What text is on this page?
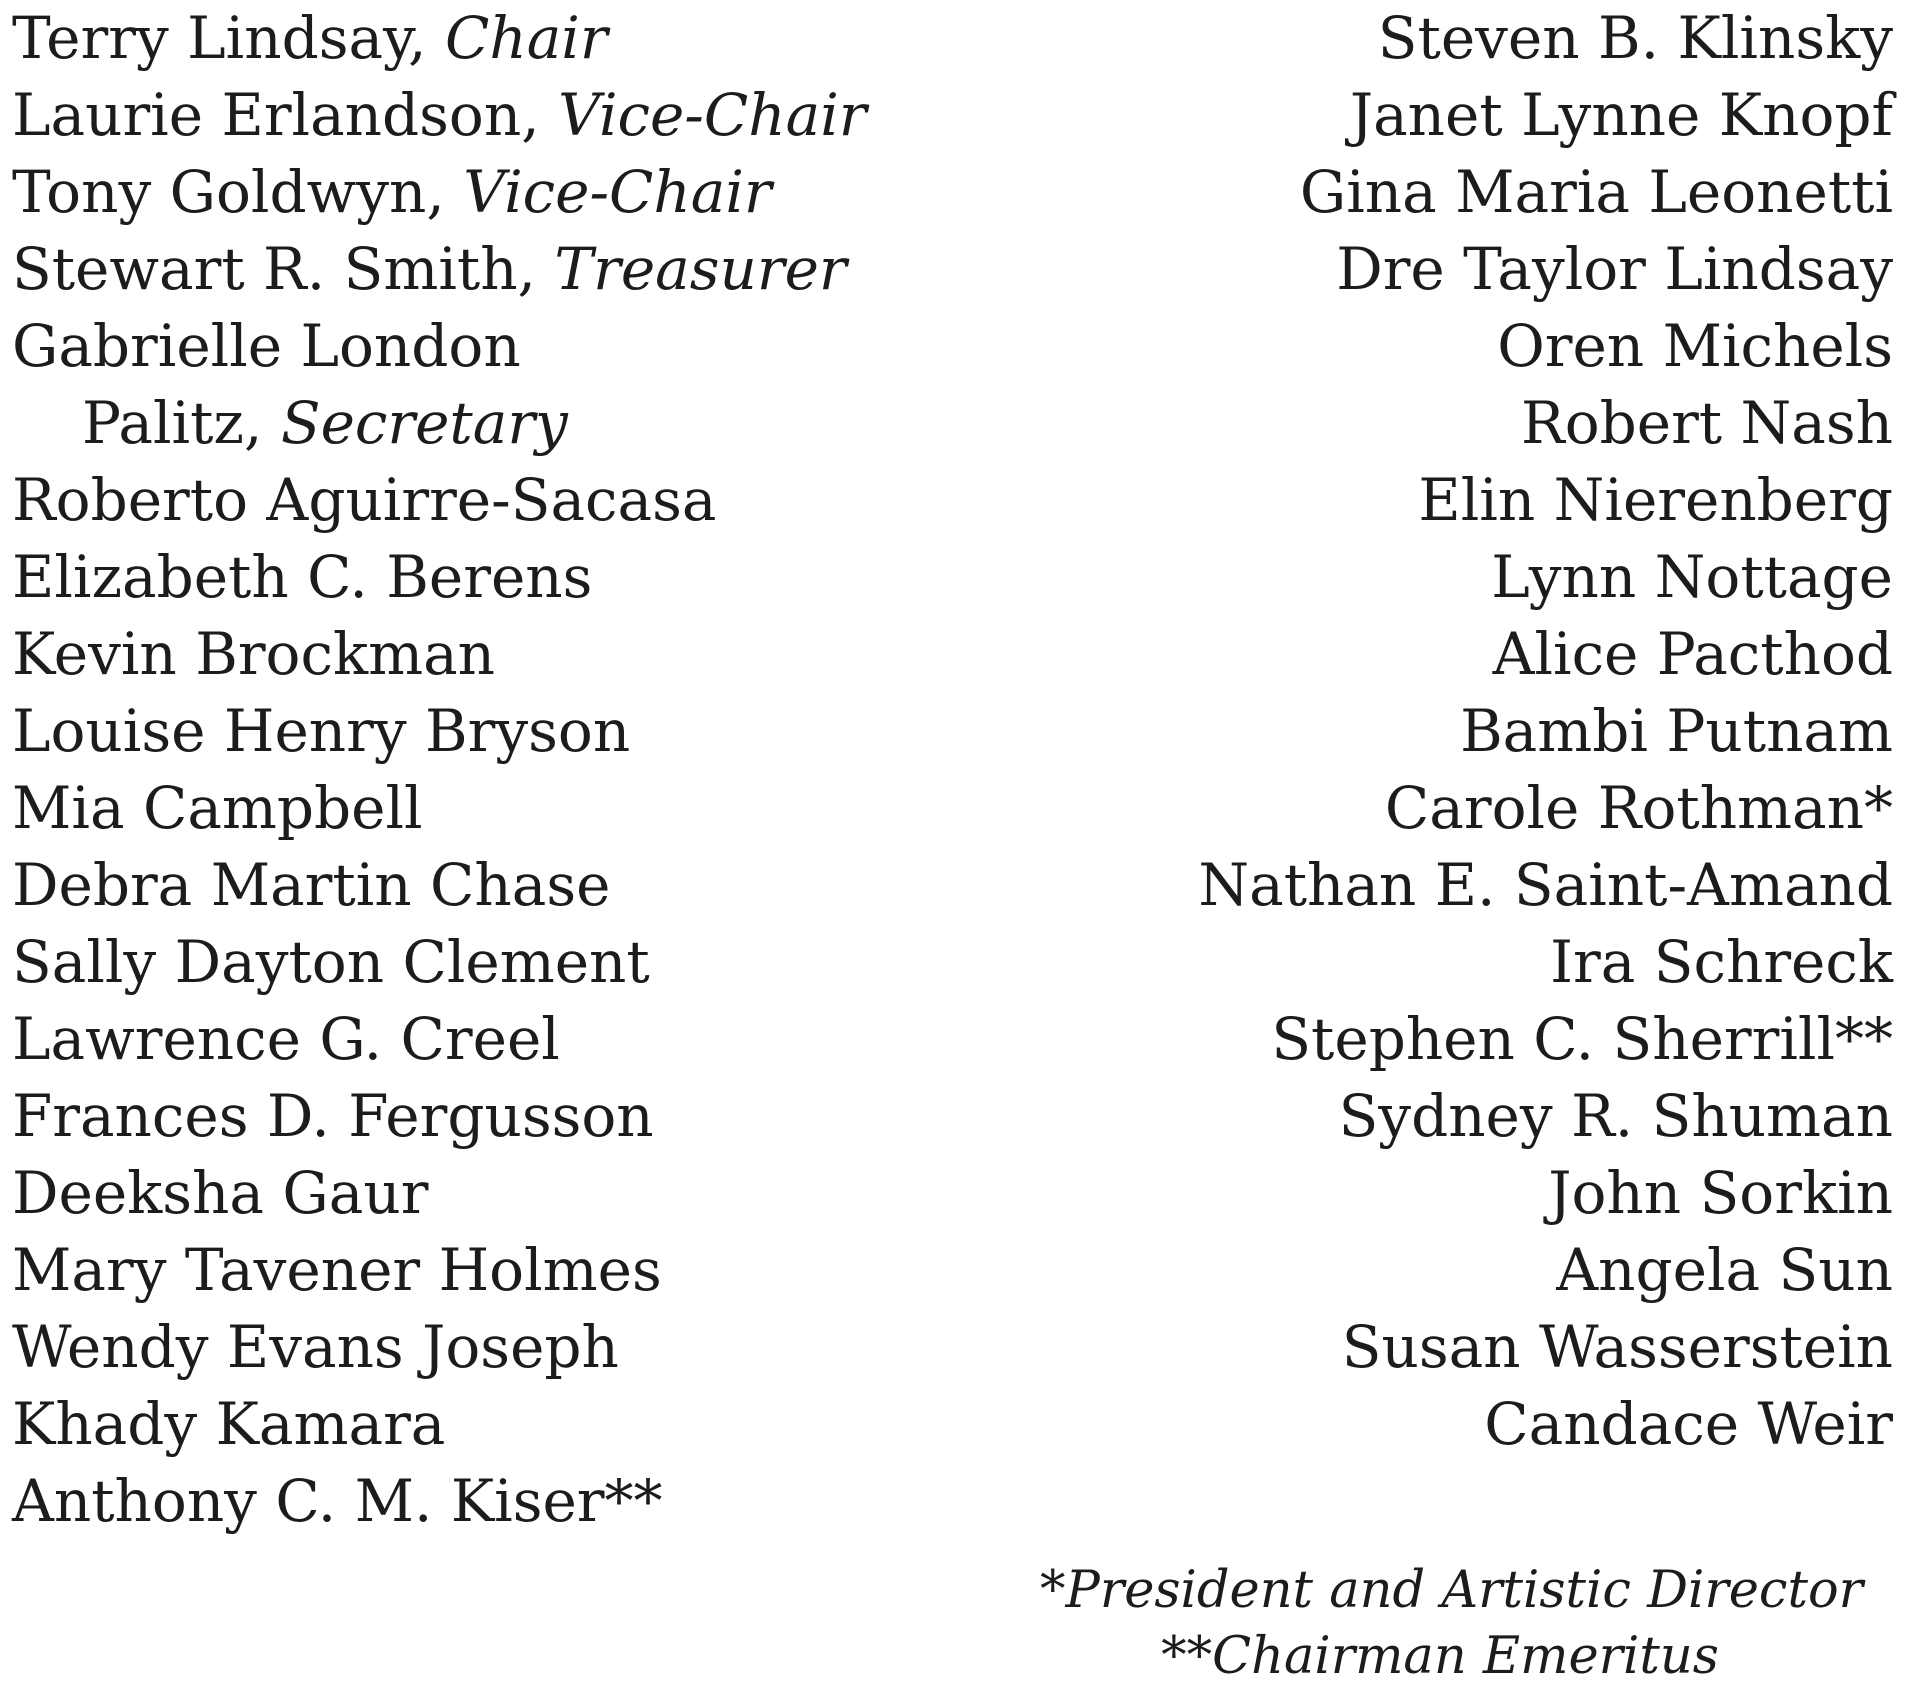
Terry Lindsay, Chair
Laurie Erlandson, Vice-Chair
Tony Goldwyn, Vice-Chair
Stewart R. Smith, Treasurer
Gabrielle London
Palitz, Secretary
Roberto Aguirre-Sacasa
Elizabeth C. Berens
Kevin Brockman
Louise Henry Bryson
Mia Campbell
Debra Martin Chase
Sally Dayton Clement
Lawrence G. Creel
Frances D. Fergusson
Deeksha Gaur
Mary Tavener Holmes
Wendy Evans Joseph
Khady Kamara
Anthony C. M. Kiser**
Steven B. Klinsky
Janet Lynne Knopf
Gina Maria Leonetti
Dre Taylor Lindsay
Oren Michels
Robert Nash
Elin Nierenberg
Lynn Nottage
Alice Pacthod
Bambi Putnam
Carole Rothman*
Nathan E. Saint-Amand
Ira Schreck
Stephen C. Sherrill**
Sydney R. Shuman
John Sorkin
Angela Sun
Susan Wasserstein
Candace Weir
*President and Artistic Director
**Chairman Emeritus
